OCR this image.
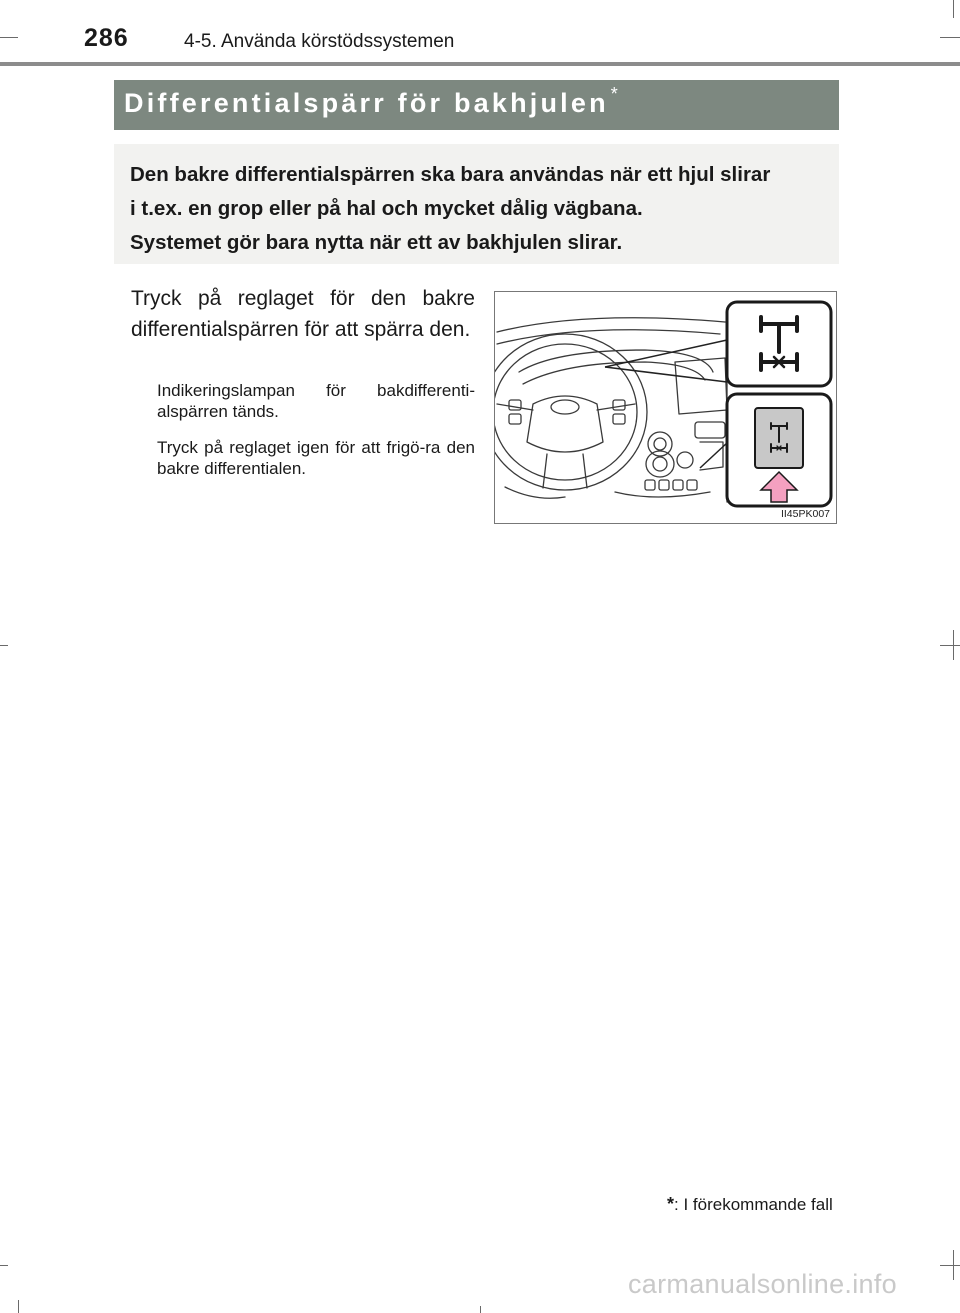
286	4-5. Använda körstödssystemen
Differentialspärr för bakhjulen *

Den bakre differentialspärren ska bara användas när ett hjul slirar

i t.ex. en grop eller på hal och mycket dålig vägbana.

Systemet gör bara nytta när ett av bakhjulen slirar.

Tryck på reglaget för den bakre differentialspärren för att spärra den.

Indikeringslampan för bakdifferenti-alspärren tänds.

Tryck på reglaget igen för att frigö-ra den bakre differentialen.

II45PK007
*: I förekommande fall
carmanualsonline.info
